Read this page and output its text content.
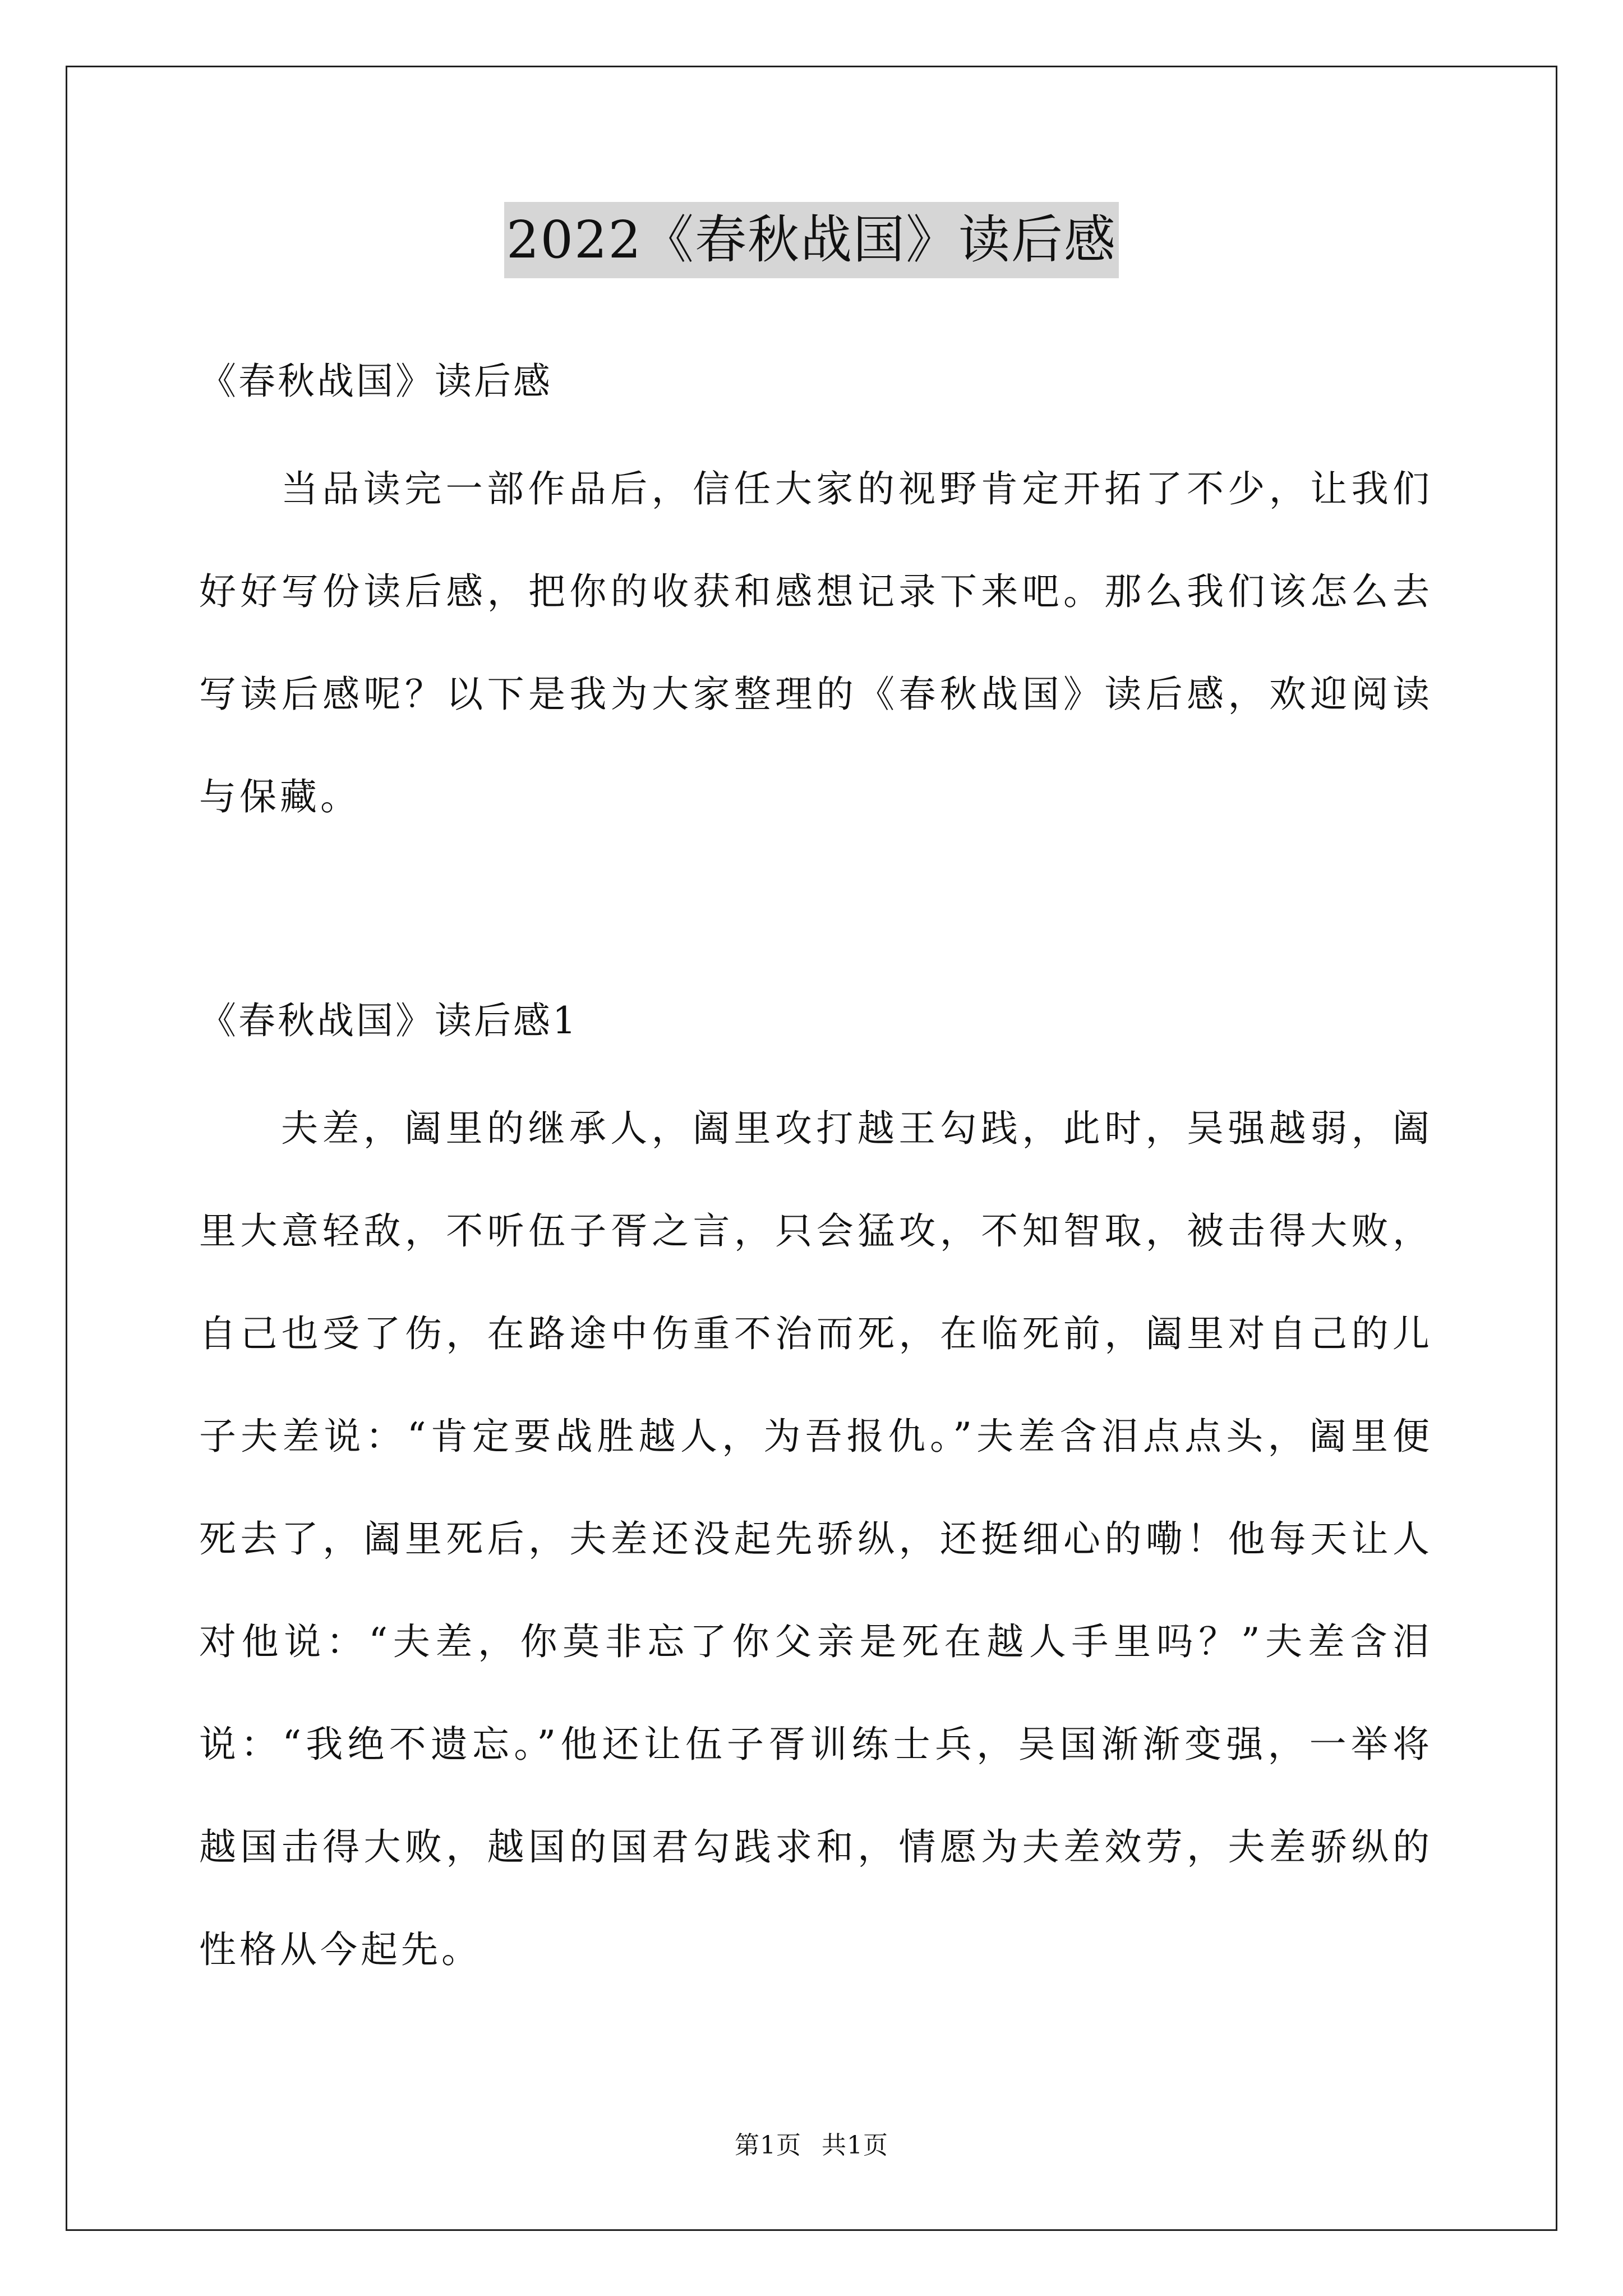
2022《春秋战国》读后感
《春秋战国》读后感
当品读完一部作品后，信任大家的视野肯定开拓了不少，让我们好好写份读后感，把你的收获和感想记录下来吧。那么我们该怎么去写读后感呢？以下是我为大家整理的《春秋战国》读后感，欢迎阅读与保藏。
《春秋战国》读后感1
夫差，阖里的继承人，阖里攻打越王勾践，此时，吴强越弱，阖里大意轻敌，不听伍子胥之言，只会猛攻，不知智取，被击得大败，自己也受了伤，在路途中伤重不治而死，在临死前，阖里对自己的儿子夫差说：“肯定要战胜越人，为吾报仇。”夫差含泪点点头，阖里便死去了，阖里死后，夫差还没起先骄纵，还挺细心的嘞！他每天让人对他说：“夫差，你莫非忘了你父亲是死在越人手里吗？”夫差含泪说：“我绝不遗忘。”他还让伍子胥训练士兵，吴国渐渐变强，一举将越国击得大败，越国的国君勾践求和，情愿为夫差效劳，夫差骄纵的性格从今起先。
第1页 共1页
